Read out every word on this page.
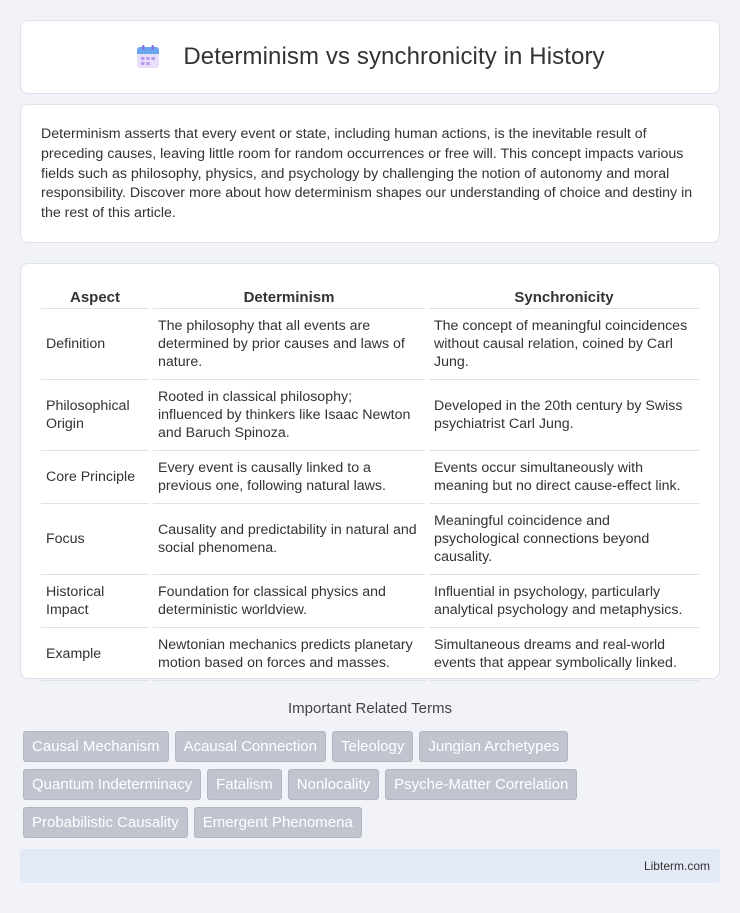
Determinism vs synchronicity in History

Determinism asserts that every event or state, including human actions, is the inevitable result of preceding causes, leaving little room for random occurrences or free will. This concept impacts various fields such as philosophy, physics, and psychology by challenging the notion of autonomy and moral responsibility. Discover more about how determinism shapes our understanding of choice and destiny in the rest of this article.

Aspect	Determinism	Synchronicity
Definition	The philosophy that all events are determined by prior causes and laws of nature.	The concept of meaningful coincidences without causal relation, coined by Carl Jung.
Philosophical Origin	Rooted in classical philosophy; influenced by thinkers like Isaac Newton and Baruch Spinoza.	Developed in the 20th century by Swiss psychiatrist Carl Jung.
Core Principle	Every event is causally linked to a previous one, following natural laws.	Events occur simultaneously with meaning but no direct cause-effect link.
Focus	Causality and predictability in natural and social phenomena.	Meaningful coincidence and psychological connections beyond causality.
Historical Impact	Foundation for classical physics and deterministic worldview.	Influential in psychology, particularly analytical psychology and metaphysics.
Example	Newtonian mechanics predicts planetary motion based on forces and masses.	Simultaneous dreams and real-world events that appear symbolically linked.
Important Related Terms
Causal Mechanism	Acausal Connection	Teleology	Jungian Archetypes
Quantum Indeterminacy	Fatalism	Nonlocality	Psyche-Matter Correlation
Probabilistic Causality	Emergent Phenomena
Libterm.com
